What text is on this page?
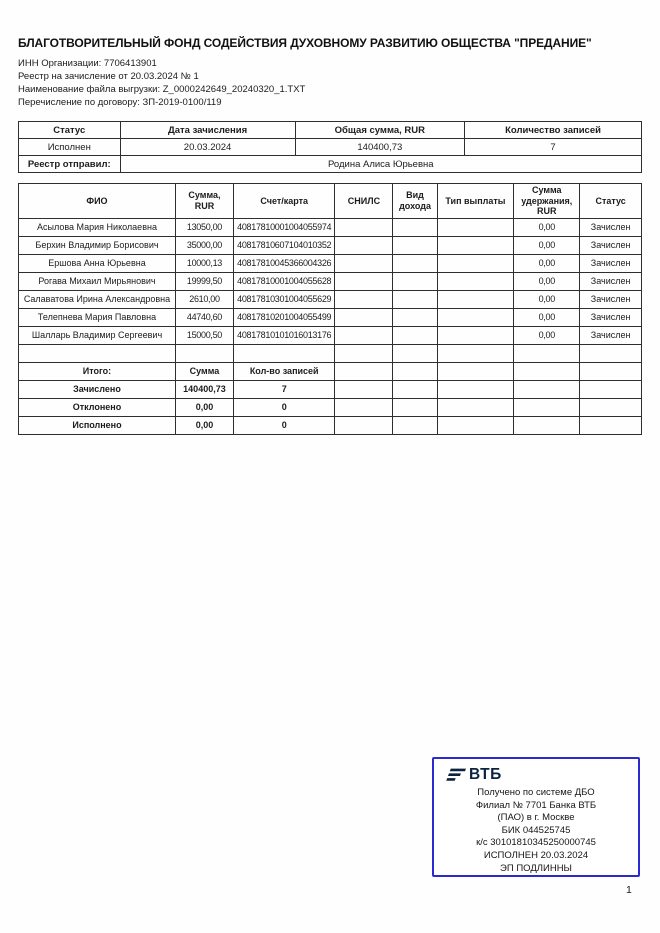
БЛАГОТВОРИТЕЛЬНЫЙ ФОНД СОДЕЙСТВИЯ ДУХОВНОМУ РАЗВИТИЮ ОБЩЕСТВА "ПРЕДАНИЕ"
ИНН Организации: 7706413901
Реестр на зачисление от 20.03.2024 № 1
Наименование файла выгрузки: Z_0000242649_20240320_1.TXT
Перечисление по договору: ЗП-2019-0100/119
Статус	Дата зачисления	Общая сумма, RUR	Количество записей
Исполнен	20.03.2024	140400,73	7
Реестр отправил:	Родина Алиса Юрьевна		
ФИО	Сумма, RUR	Счет/карта	СНИЛС	Вид дохода	Тип выплаты	Сумма удержания, RUR	Статус
Асылова Мария Николаевна	13050,00	40817810001004055974				0,00	Зачислен
Берхин Владимир Борисович	35000,00	40817810607104010352				0,00	Зачислен
Ершова Анна Юрьевна	10000,13	40817810045366004326				0,00	Зачислен
Рогава Михаил Мирьянович	19999,50	40817810001004055628				0,00	Зачислен
Салаватова Ирина Александровна	2610,00	40817810301004055629				0,00	Зачислен
Телепнева Мария Павловна	44740,60	40817810201004055499				0,00	Зачислен
Шалларь Владимир Сергеевич	15000,50	40817810101016013176				0,00	Зачислен

Итого:	Сумма	Кол-во записей					
Зачислено	140400,73	7					
Отклонено	0,00	0					
Исполнено	0,00	0					
ВТБ
Получено по системе ДБО
Филиал № 7701 Банка ВТБ
(ПАО) в г. Москве
БИК 044525745
к/с 30101810345250000745
ИСПОЛНЕН 20.03.2024
ЭП ПОДЛИННЫ
1
